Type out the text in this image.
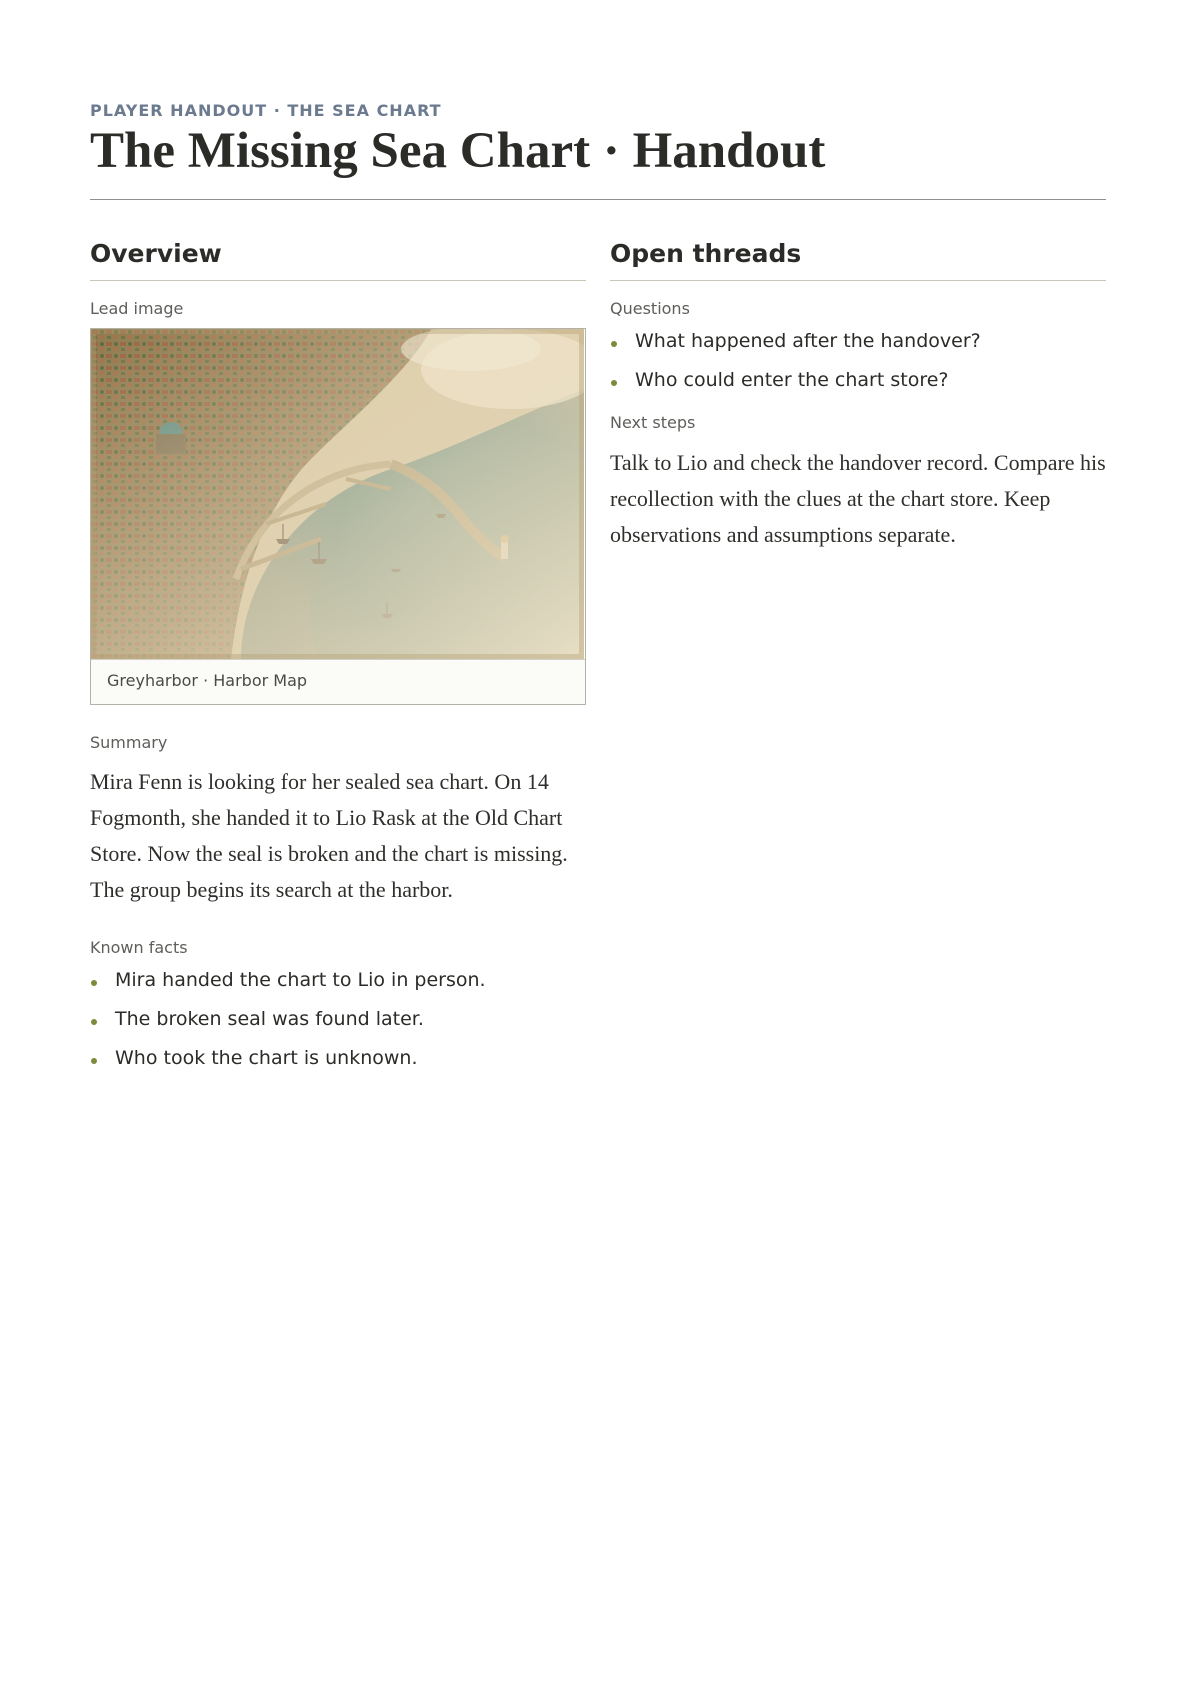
PLAYER HANDOUT · THE SEA CHART
The Missing Sea Chart · Handout
Overview
Lead image
Greyharbor · Harbor Map
Summary

Mira Fenn is looking for her sealed sea chart. On 14 Fogmonth, she handed it to Lio Rask at the Old Chart Store. Now the seal is broken and the chart is missing. The group begins its search at the harbor.

Known facts
Mira handed the chart to Lio in person.
The broken seal was found later.
Who took the chart is unknown.
Open threads
Questions
What happened after the handover?
Who could enter the chart store?
Next steps

Talk to Lio and check the handover record. Compare his recollection with the clues at the chart store. Keep observations and assumptions separate.
